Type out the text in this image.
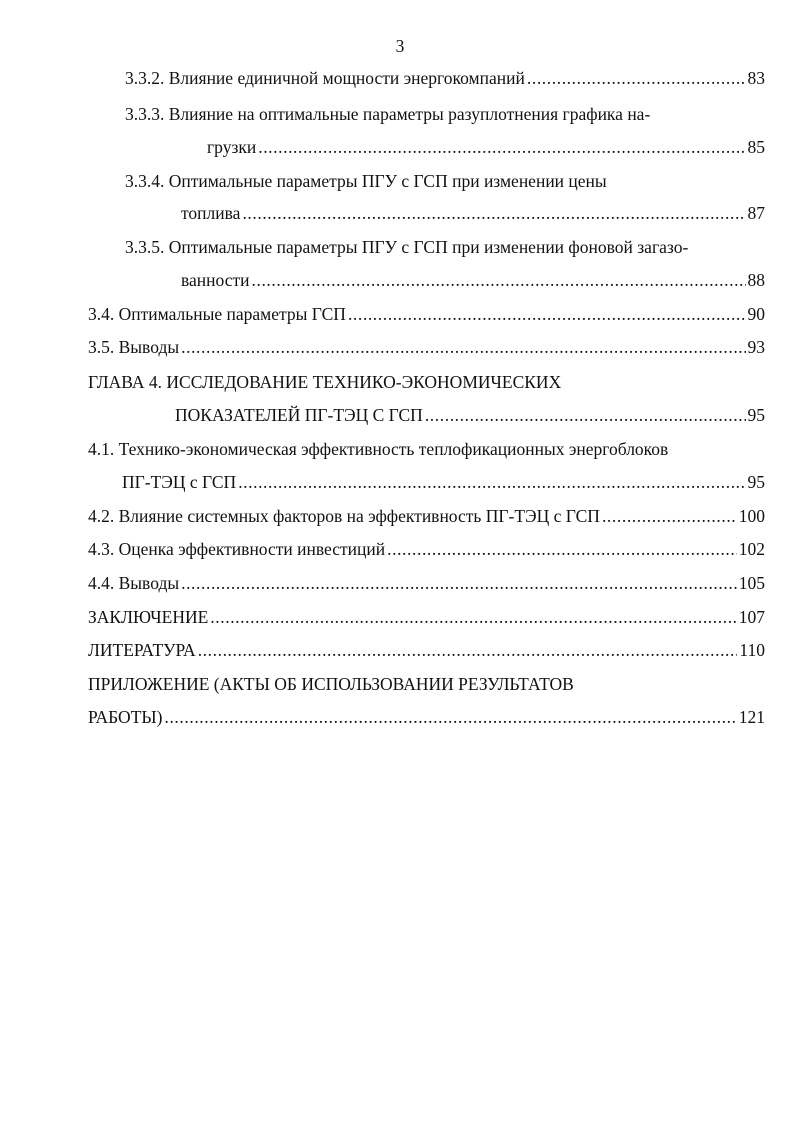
3
3.3.2. Влияние единичной мощности энергокомпаний .....	83
3.3.3. Влияние на оптимальные параметры разуплотнения графика на-
грузки .....	85
3.3.4. Оптимальные параметры ПГУ с ГСП при изменении цены
топлива .....	87
3.3.5. Оптимальные параметры ПГУ с ГСП при изменении фоновой загазо-
ванности .....	88
3.4. Оптимальные параметры ГСП .....	90
3.5. Выводы .....	93
ГЛАВА 4. ИССЛЕДОВАНИЕ ТЕХНИКО-ЭКОНОМИЧЕСКИХ
ПОКАЗАТЕЛЕЙ ПГ-ТЭЦ С ГСП .....	95
4.1. Технико-экономическая эффективность теплофикационных энергоблоков
ПГ-ТЭЦ с ГСП .....	95
4.2. Влияние системных факторов на эффективность ПГ-ТЭЦ с ГСП .....	100
4.3. Оценка эффективности инвестиций .....	102
4.4. Выводы .....	105
ЗАКЛЮЧЕНИЕ .....	107
ЛИТЕРАТУРА .....	110
ПРИЛОЖЕНИЕ (АКТЫ ОБ ИСПОЛЬЗОВАНИИ РЕЗУЛЬТАТОВ
РАБОТЫ) .....	121
